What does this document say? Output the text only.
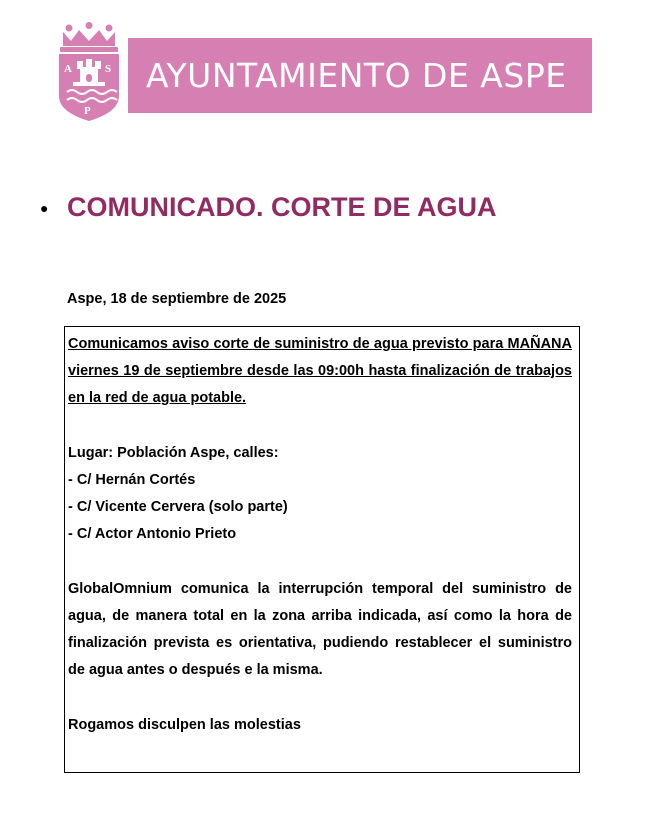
A	S
P
AYUNTAMIENTO DE ASPE
● COMUNICADO. CORTE DE AGUA
Aspe, 18 de septiembre de 2025

Comunicamos aviso corte de suministro de agua previsto para MAÑANA viernes 19 de septiembre desde las 09:00h hasta finalización de trabajos en la red de agua potable.

Lugar: Población Aspe, calles:

- C/ Hernán Cortés

- C/ Vicente Cervera (solo parte)

- C/ Actor Antonio Prieto

GlobalOmnium comunica la interrupción temporal del suministro de agua, de manera total en la zona arriba indicada, así como la hora de finalización prevista es orientativa, pudiendo restablecer el suministro de agua antes o después e la misma.

Rogamos disculpen las molestias
